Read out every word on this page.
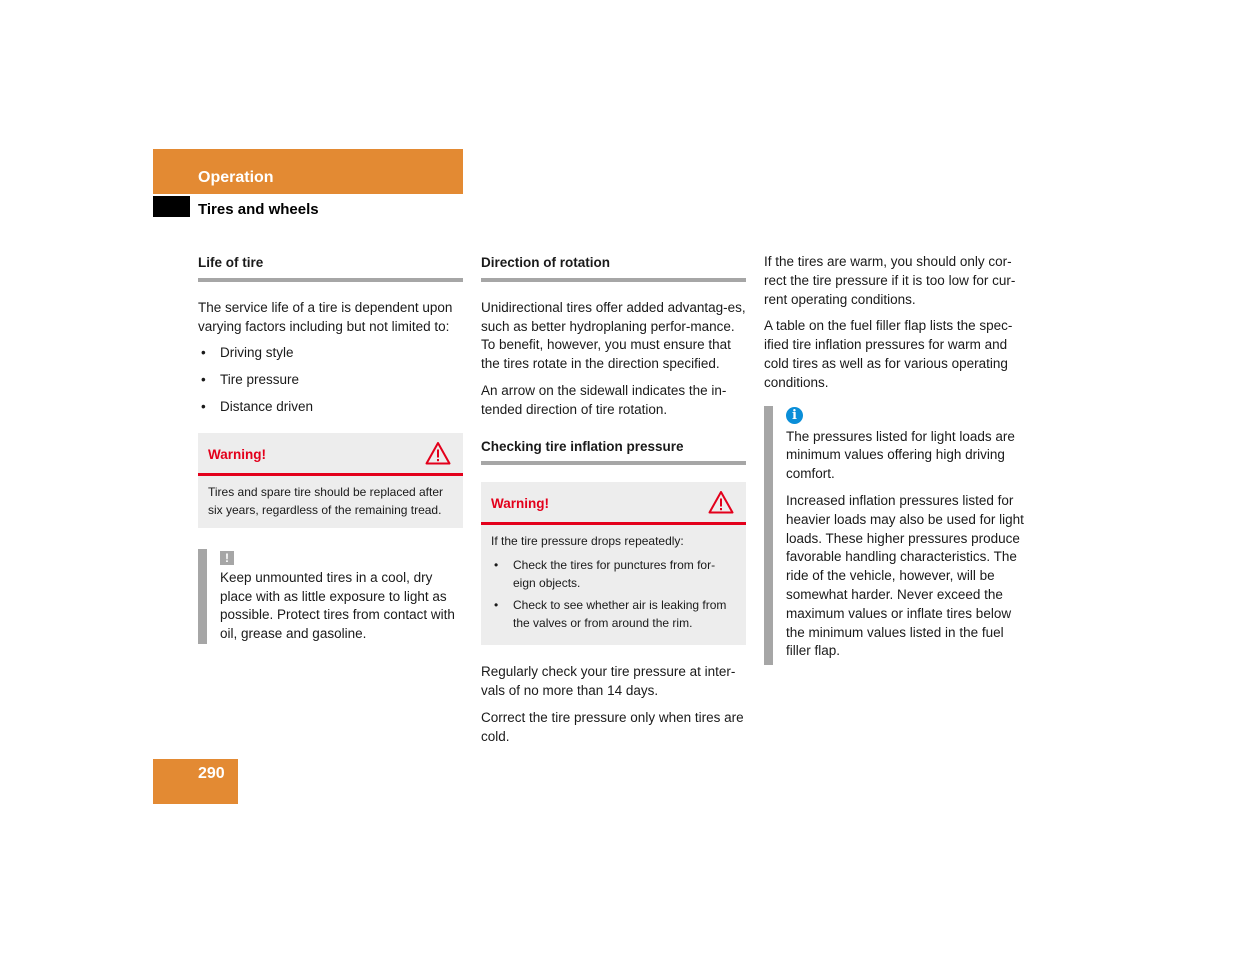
Operation
Tires and wheels
Life of tire

The service life of a tire is dependent upon varying factors including but not limited to:

• Driving style
• Tire pressure
• Distance driven
Warning!
Tires and spare tire should be replaced after six years, regardless of the remaining tread.
!
Keep unmounted tires in a cool, dry place with as little exposure to light as possible. Protect tires from contact with oil, grease and gasoline.
Direction of rotation

Unidirectional tires offer added advantag-es, such as better hydroplaning perfor-mance. To benefit, however, you must ensure that the tires rotate in the direction specified.

An arrow on the sidewall indicates the in-tended direction of tire rotation.

Checking tire inflation pressure
Warning!
If the tire pressure drops repeatedly:
• Check the tires for punctures from for-eign objects.
• Check to see whether air is leaking from the valves or from around the rim.

Regularly check your tire pressure at inter-vals of no more than 14 days.

Correct the tire pressure only when tires are cold.

If the tires are warm, you should only cor-rect the tire pressure if it is too low for cur-rent operating conditions.

A table on the fuel filler flap lists the spec-ified tire inflation pressures for warm and cold tires as well as for various operating conditions.

i

The pressures listed for light loads are minimum values offering high driving comfort.

Increased inflation pressures listed for heavier loads may also be used for light loads. These higher pressures produce favorable handling characteristics. The ride of the vehicle, however, will be somewhat harder. Never exceed the maximum values or inflate tires below the minimum values listed in the fuel filler flap.

290
